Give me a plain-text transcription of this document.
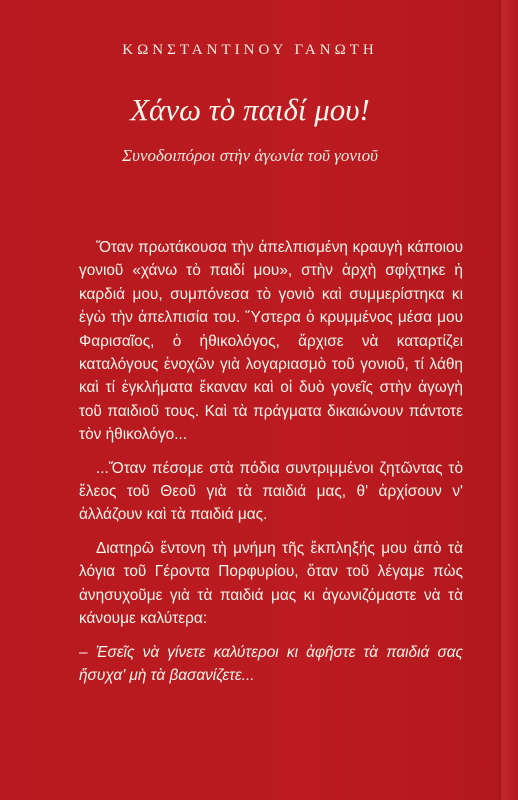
ΚΩΝΣΤΑΝΤΙΝΟΥ ΓΑΝΩΤΗ
Χάνω τὸ παιδί μου!
Συνοδοιπόροι στὴν ἀγωνία τοῦ γονιοῦ

Ὅταν πρωτάκουσα τὴν ἀπελπισμένη κραυγὴ κάποιου γονιοῦ «χάνω τὸ παιδί μου», στὴν ἀρχὴ σφίχτηκε ἡ καρδιά μου, συμπόνεσα τὸ γονιὸ καὶ συμμερίστηκα κι ἐγὼ τὴν ἀπελπισία του. Ὕστερα ὁ κρυμμένος μέσα μου Φαρισαῖος, ὁ ἠθικολόγος, ἄρχισε νὰ καταρτίζει καταλόγους ἐνοχῶν γιὰ λογαριασμὸ τοῦ γονιοῦ, τί λάθη καὶ τί ἐγκλήματα ἔκαναν καὶ οἱ δυὸ γονεῖς στὴν ἀγωγὴ τοῦ παιδιοῦ τους. Καὶ τὰ πράγματα δικαιώνουν πάντοτε τὸν ἠθικολόγο...

...Ὅταν πέσομε στὰ πόδια συντριμμένοι ζητῶντας τὸ ἔλεος τοῦ Θεοῦ γιὰ τὰ παιδιά μας, θ' ἀρχίσουν ν' ἀλλάζουν καὶ τὰ παιδιά μας.

Διατηρῶ ἔντονη τὴ μνήμη τῆς ἔκπληξής μου ἀπὸ τὰ λόγια τοῦ Γέροντα Πορφυρίου, ὅταν τοῦ λέγαμε πὼς ἀνησυχοῦμε γιὰ τὰ παιδιά μας κι ἀγωνιζόμαστε νὰ τὰ κάνουμε καλύτερα:

– Ἐσεῖς νὰ γίνετε καλύτεροι κι ἀφῆστε τὰ παιδιά σας ἥσυχα' μὴ τὰ βασανίζετε...
